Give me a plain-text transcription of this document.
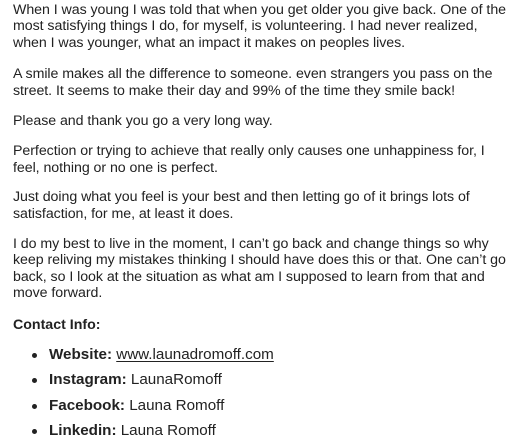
When I was young I was told that when you get older you give back. One of the most satisfying things I do, for myself, is volunteering. I had never realized, when I was younger, what an impact it makes on peoples lives.

A smile makes all the difference to someone. even strangers you pass on the street. It seems to make their day and 99% of the time they smile back!

Please and thank you go a very long way.

Perfection or trying to achieve that really only causes one unhappiness for, I feel, nothing or no one is perfect.

Just doing what you feel is your best and then letting go of it brings lots of satisfaction, for me, at least it does.

I do my best to live in the moment, I can’t go back and change things so why keep reliving my mistakes thinking I should have does this or that. One can’t go back, so I look at the situation as what am I supposed to learn from that and move forward.

Contact Info:

Website: www.launadromoff.com
Instagram: LaunaRomoff
Facebook: Launa Romoff
Linkedin: Launa Romoff
